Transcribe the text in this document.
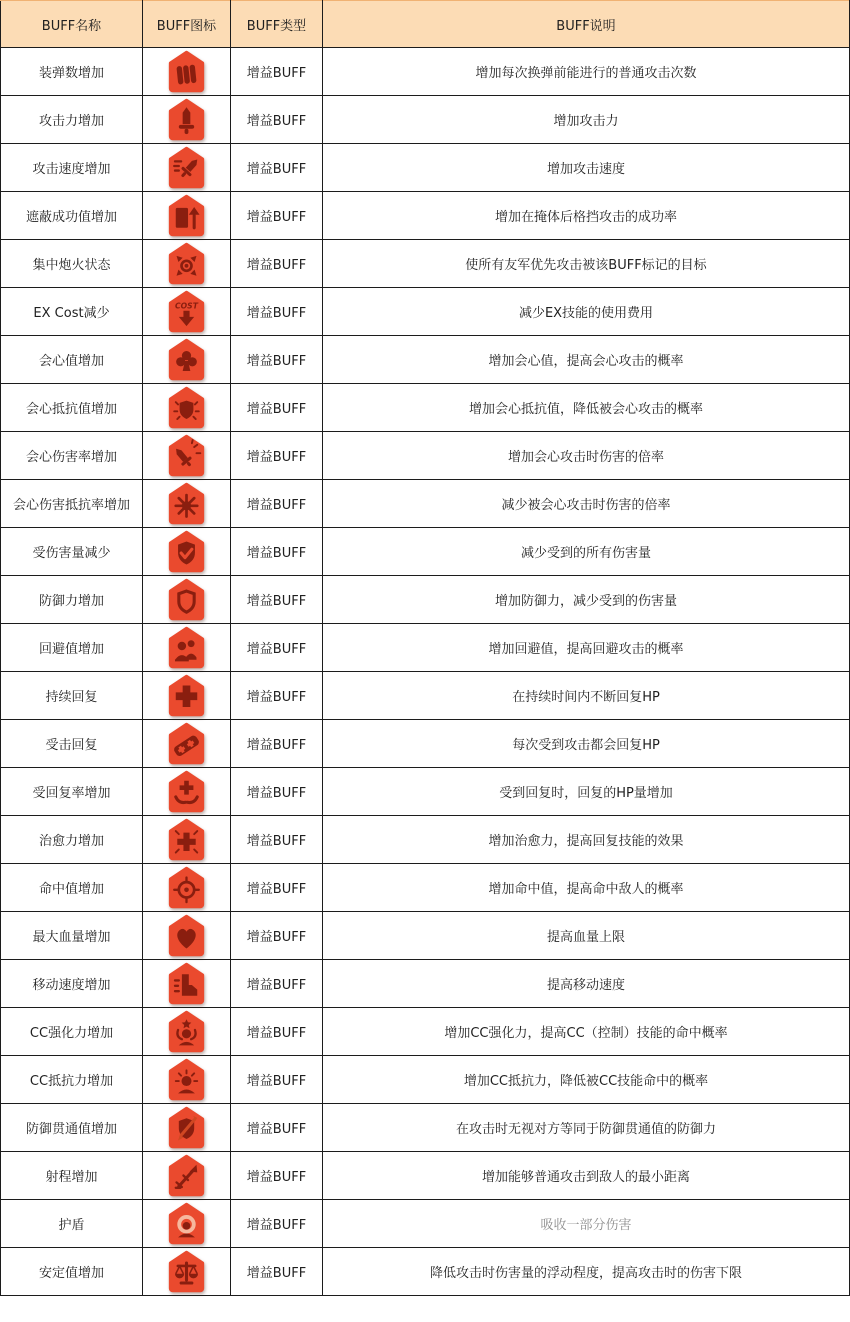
BUFF名称	BUFF图标	BUFF类型	BUFF说明
装弹数增加		增益BUFF	增加每次换弹前能进行的普通攻击次数
攻击力增加		增益BUFF	增加攻击力
攻击速度增加		增益BUFF	增加攻击速度
遮蔽成功值增加		增益BUFF	增加在掩体后格挡攻击的成功率
集中炮火状态		增益BUFF	使所有友军优先攻击被该BUFF标记的目标
EX Cost减少		增益BUFF	减少EX技能的使用费用
会心值增加		增益BUFF	增加会心值，提高会心攻击的概率
会心抵抗值增加		增益BUFF	增加会心抵抗值，降低被会心攻击的概率
会心伤害率增加		增益BUFF	增加会心攻击时伤害的倍率
会心伤害抵抗率增加		增益BUFF	减少被会心攻击时伤害的倍率
受伤害量减少		增益BUFF	减少受到的所有伤害量
防御力增加		增益BUFF	增加防御力，减少受到的伤害量
回避值增加		增益BUFF	增加回避值，提高回避攻击的概率
持续回复		增益BUFF	在持续时间内不断回复HP
受击回复		增益BUFF	每次受到攻击都会回复HP
受回复率增加		增益BUFF	受到回复时，回复的HP量增加
治愈力增加		增益BUFF	增加治愈力，提高回复技能的效果
命中值增加		增益BUFF	增加命中值，提高命中敌人的概率
最大血量增加		增益BUFF	提高血量上限
移动速度增加		增益BUFF	提高移动速度
CC强化力增加		增益BUFF	增加CC强化力，提高CC（控制）技能的命中概率
CC抵抗力增加		增益BUFF	增加CC抵抗力，降低被CC技能命中的概率
防御贯通值增加		增益BUFF	在攻击时无视对方等同于防御贯通值的防御力
射程增加		增益BUFF	增加能够普通攻击到敌人的最小距离
护盾		增益BUFF	吸收一部分伤害
安定值增加		增益BUFF	降低攻击时伤害量的浮动程度，提高攻击时的伤害下限
